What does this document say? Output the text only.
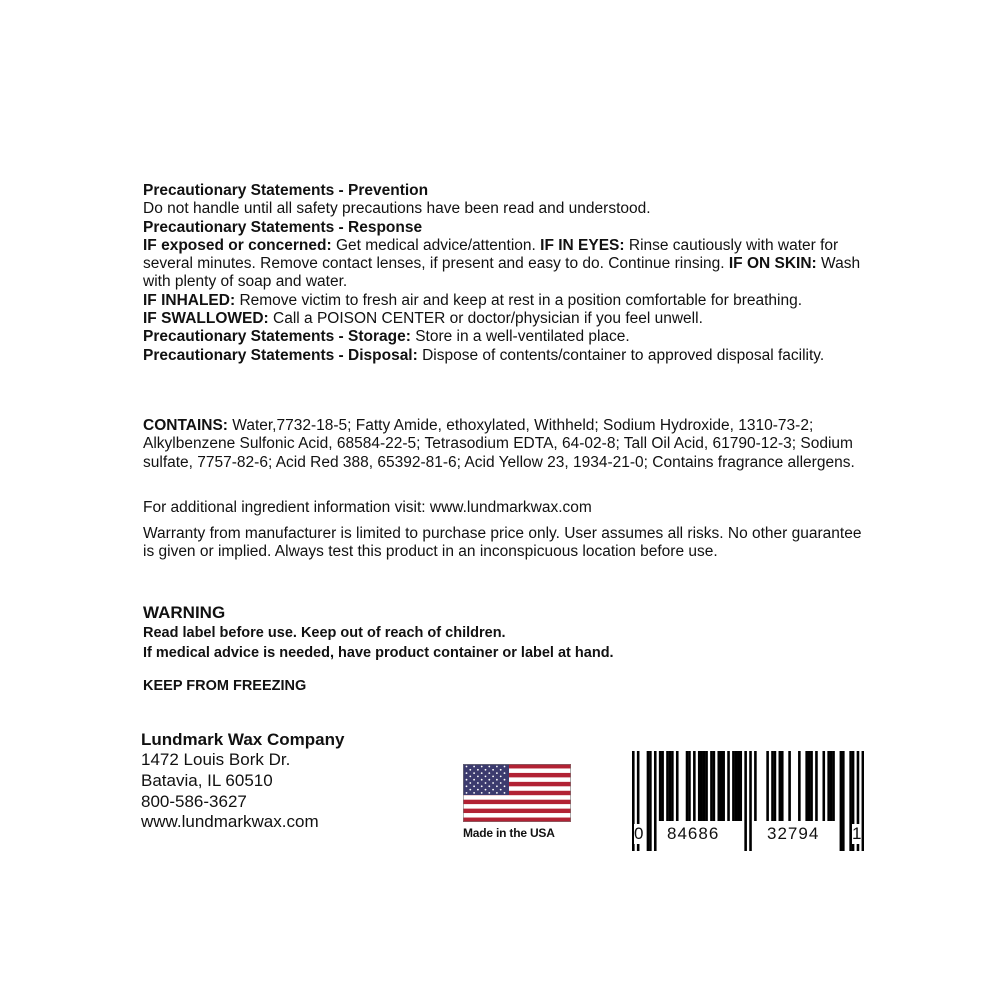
Precautionary Statements - Prevention

Do not handle until all safety precautions have been read and understood.

Precautionary Statements - Response

IF exposed or concerned: Get medical advice/attention. IF IN EYES: Rinse cautiously with water for several minutes. Remove contact lenses, if present and easy to do. Continue rinsing. IF ON SKIN: Wash with plenty of soap and water.

IF INHALED: Remove victim to fresh air and keep at rest in a position comfortable for breathing.

IF SWALLOWED: Call a POISON CENTER or doctor/physician if you feel unwell.

Precautionary Statements - Storage: Store in a well-ventilated place.

Precautionary Statements - Disposal: Dispose of contents/container to approved disposal facility.

CONTAINS: Water,7732-18-5; Fatty Amide, ethoxylated, Withheld; Sodium Hydroxide, 1310-73-2; Alkylbenzene Sulfonic Acid, 68584-22-5; Tetrasodium EDTA, 64-02-8; Tall Oil Acid, 61790-12-3; Sodium sulfate, 7757-82-6; Acid Red 388, 65392-81-6; Acid Yellow 23, 1934-21-0; Contains fragrance allergens.

For additional ingredient information visit: www.lundmarkwax.com

Warranty from manufacturer is limited to purchase price only. User assumes all risks. No other guarantee is given or implied. Always test this product in an inconspicuous location before use.

WARNING
Read label before use. Keep out of reach of children.
If medical advice is needed, have product container or label at hand.
KEEP FROM FREEZING
Lundmark Wax Company
1472 Louis Bork Dr.
Batavia, IL 60510
800-586-3627
www.lundmarkwax.com
Made in the USA	0 84686	32794 1
